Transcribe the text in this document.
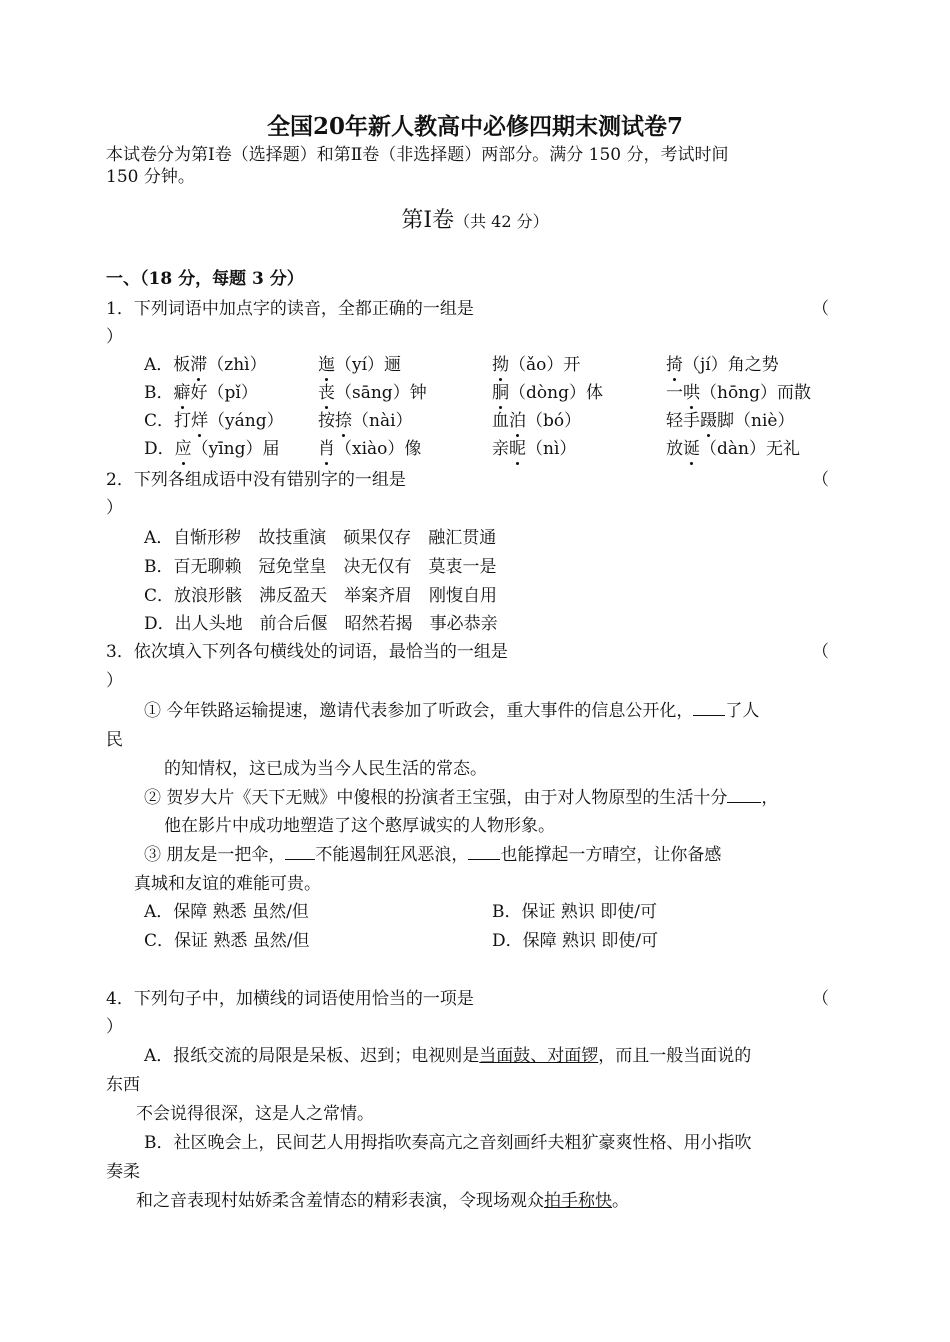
全国20年新人教高中必修四期末测试卷7
本试卷分为第Ⅰ卷（选择题）和第Ⅱ卷（非选择题）两部分。满分 150 分，考试时间
150 分钟。
第Ⅰ卷（共 42 分）
一、（18 分，每题 3 分）
1．下列词语中加点字的读音，全都正确的一组是	（
）
A．板滞（zhì）	迤（yí）逦	拗（ǎo）开	掎（jí）角之势
B．癖好（pǐ）	丧（sāng）钟	胴（dòng）体	一哄（hōng）而散
C．打烊（yáng） 按捺（nài）	血泊（bó）	轻手蹑脚（niè）
D．应（yīng）届 肖（xiào）像	亲昵（nì）	放诞（dàn）无礼
2．下列各组成语中没有错别字的一组是	（
）
A．自惭形秽　故技重演　硕果仅存　融汇贯通
B．百无聊赖　冠免堂皇　决无仅有　莫衷一是
C．放浪形骸　沸反盈天　举案齐眉　刚愎自用
D．出人头地　前合后偃　昭然若揭　事必恭亲
3．依次填入下列各句横线处的词语，最恰当的一组是	（
）
① 今年铁路运输提速，邀请代表参加了听政会，重大事件的信息公开化， 了人
民
的知情权，这已成为当今人民生活的常态。
② 贺岁大片《天下无贼》中傻根的扮演者王宝强，由于对人物原型的生活十分 ，
他在影片中成功地塑造了这个憨厚诚实的人物形象。
③ 朋友是一把伞， 不能遏制狂风恶浪， 也能撑起一方晴空，让你备感
真城和友谊的难能可贵。
A．保障 熟悉 虽然/但	B．保证 熟识 即使/可
C．保证 熟悉 虽然/但	D．保障 熟识 即使/可
4．下列句子中，加横线的词语使用恰当的一项是	（
）
A．报纸交流的局限是呆板、迟到；电视则是当面鼓、对面锣，而且一般当面说的
东西
不会说得很深，这是人之常情。
B．社区晚会上，民间艺人用拇指吹奏高亢之音刻画纤夫粗犷豪爽性格、用小指吹
奏柔
和之音表现村姑娇柔含羞情态的精彩表演，令现场观众拍手称快。
